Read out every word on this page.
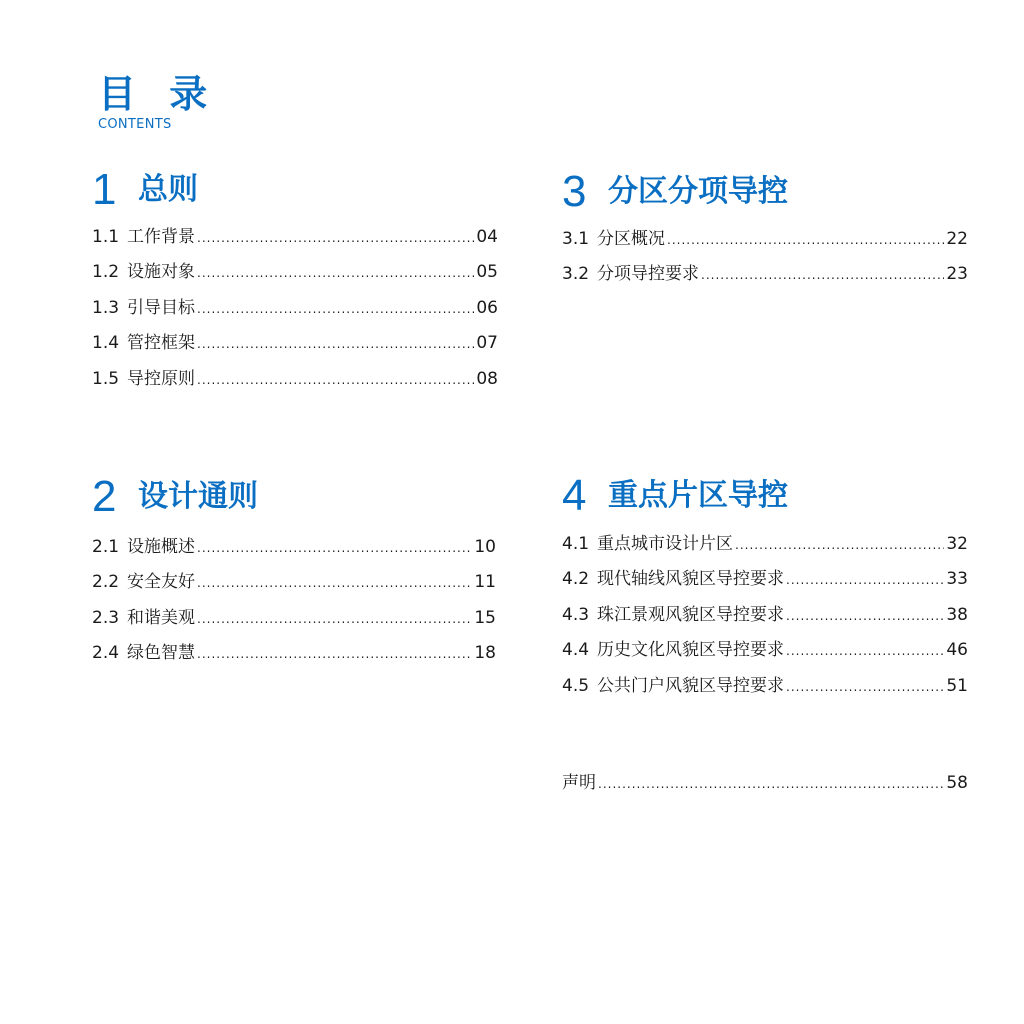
目 录
CONTENTS
1 总则
1.1 工作背景 .....	04
1.2 设施对象 .....	05
1.3 引导目标 .....	06
1.4 管控框架 .....	07
1.5 导控原则 .....	08
2 设计通则
2.1 设施概述 .....	10
2.2 安全友好 .....	11
2.3 和谐美观 .....	15
2.4 绿色智慧 .....	18
3 分区分项导控
3.1 分区概况 .....	22
3.2 分项导控要求 .....	23
4 重点片区导控
4.1 重点城市设计片区 .....	32
4.2 现代轴线风貌区导控要求 .....	33
4.3 珠江景观风貌区导控要求 .....	38
4.4 历史文化风貌区导控要求 .....	46
4.5 公共门户风貌区导控要求 .....	51
声明 .....	58
